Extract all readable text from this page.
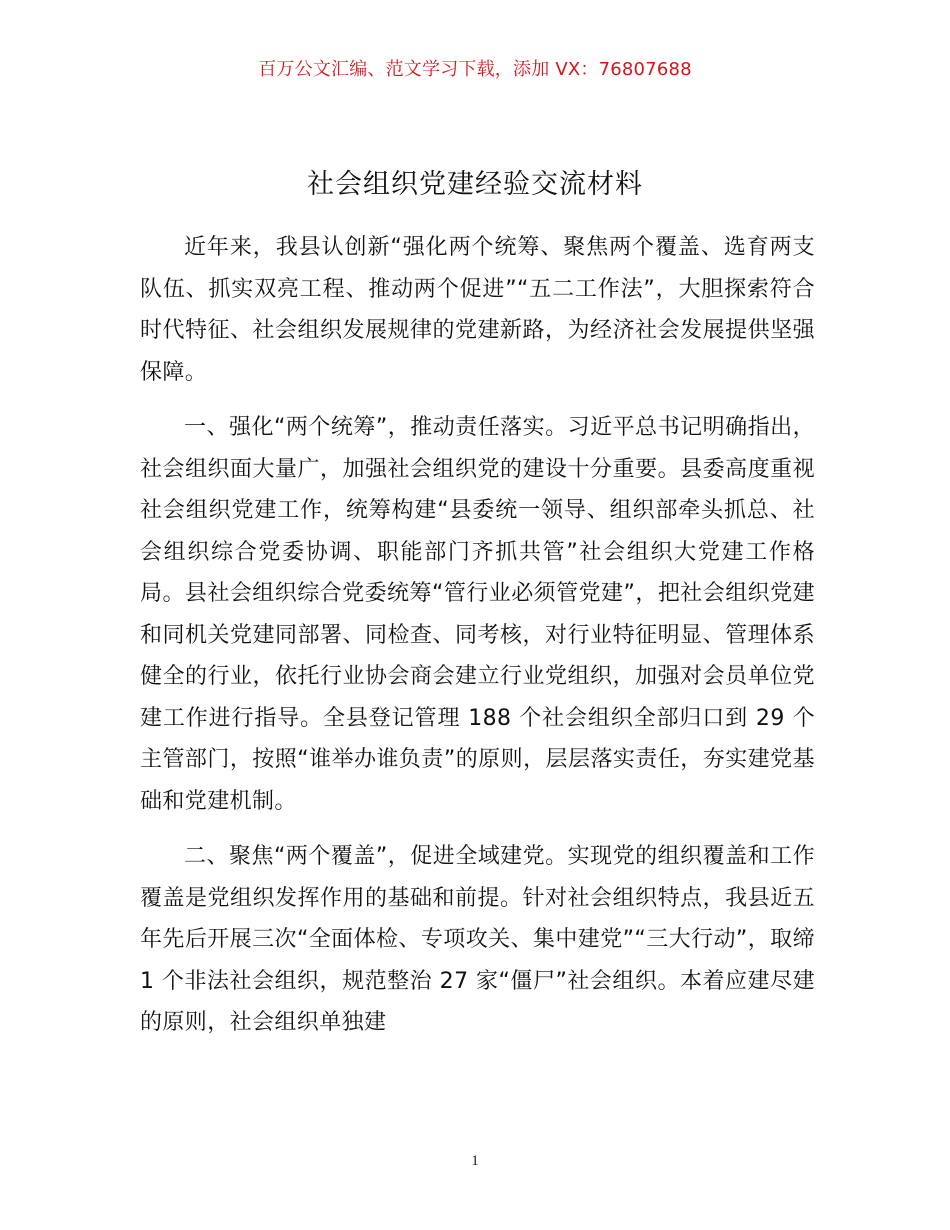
百万公文汇编、范文学习下载，添加 VX：76807688
社会组织党建经验交流材料

近年来，我县认创新“强化两个统筹、聚焦两个覆盖、选育两支队伍、抓实双亮工程、推动两个促进”“五二工作法”，大胆探索符合时代特征、社会组织发展规律的党建新路，为经济社会发展提供坚强保障。

一、强化“两个统筹”，推动责任落实。习近平总书记明确指出，社会组织面大量广，加强社会组织党的建设十分重要。县委高度重视社会组织党建工作，统筹构建“县委统一领导、组织部牵头抓总、社会组织综合党委协调、职能部门齐抓共管”社会组织大党建工作格局。县社会组织综合党委统筹“管行业必须管党建”，把社会组织党建和同机关党建同部署、同检查、同考核，对行业特征明显、管理体系健全的行业，依托行业协会商会建立行业党组织，加强对会员单位党建工作进行指导。全县登记管理 188 个社会组织全部归口到 29 个主管部门，按照“谁举办谁负责”的原则，层层落实责任，夯实建党基础和党建机制。

二、聚焦“两个覆盖”，促进全域建党。实现党的组织覆盖和工作覆盖是党组织发挥作用的基础和前提。针对社会组织特点，我县近五年先后开展三次“全面体检、专项攻关、集中建党”“三大行动”，取缔 1 个非法社会组织，规范整治 27 家“僵尸”社会组织。本着应建尽建的原则，社会组织单独建

1
